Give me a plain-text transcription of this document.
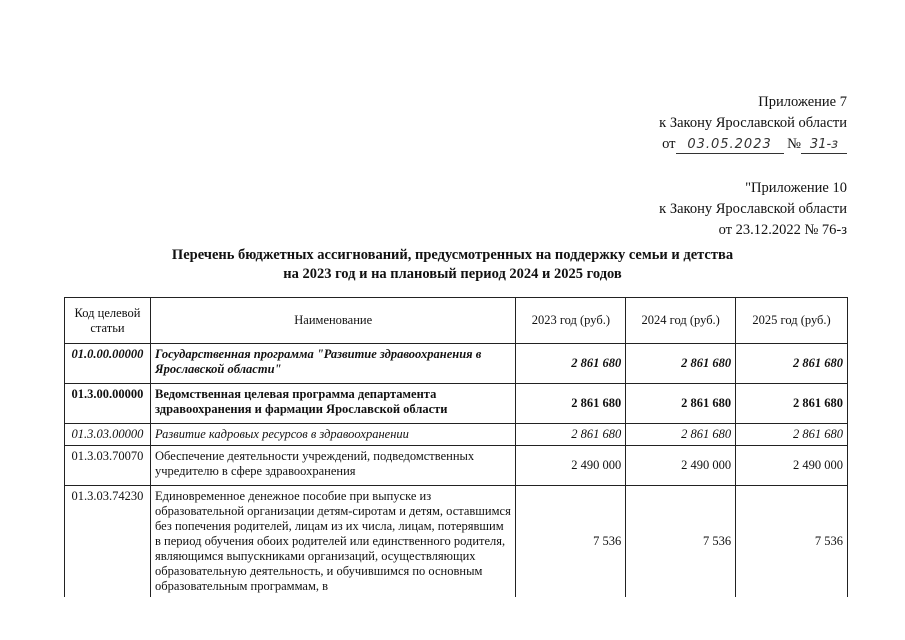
Приложение 7
к Закону Ярославской области
от 03.05.2023 № 31-з
"Приложение 10
к Закону Ярославской области
от 23.12.2022 № 76-з
Перечень бюджетных ассигнований, предусмотренных на поддержку семьи и детства
на 2023 год и на плановый период 2024 и 2025 годов
Код целевой статьи	Наименование	2023 год (руб.)	2024 год (руб.)	2025 год (руб.)
01.0.00.00000	Государственная программа "Развитие здравоохранения в Ярославской области"	2 861 680	2 861 680	2 861 680
01.3.00.00000	Ведомственная целевая программа департамента здравоохранения и фармации Ярославской области	2 861 680	2 861 680	2 861 680
01.3.03.00000	Развитие кадровых ресурсов в здравоохранении	2 861 680	2 861 680	2 861 680
01.3.03.70070	Обеспечение деятельности учреждений, подведомственных учредителю в сфере здравоохранения	2 490 000	2 490 000	2 490 000
01.3.03.74230	Единовременное денежное пособие при выпуске из образовательной организации детям-сиротам и детям, оставшимся без попечения родителей, лицам из их числа, лицам, потерявшим в период обучения обоих родителей или единственного родителя, являющимся выпускниками организаций, осуществляющих образовательную деятельность, и обучившимся по основным образовательным программам, в	7 536	7 536	7 536
